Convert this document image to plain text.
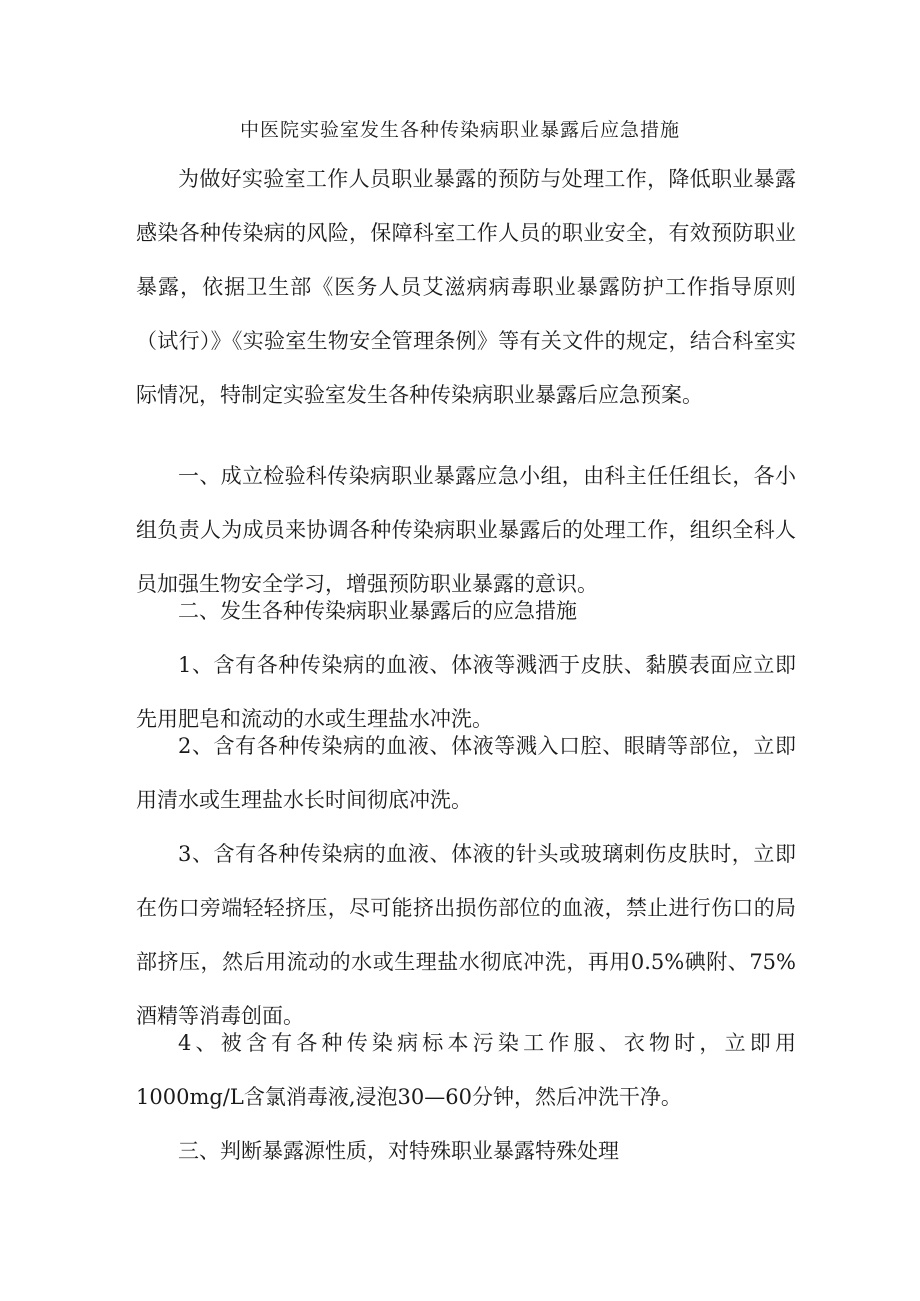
中医院实验室发生各种传染病职业暴露后应急措施

为做好实验室工作人员职业暴露的预防与处理工作，降低职业暴露感染各种传染病的风险，保障科室工作人员的职业安全，有效预防职业暴露，依据卫生部《医务人员艾滋病病毒职业暴露防护工作指导原则（试行）》《实验室生物安全管理条例》等有关文件的规定，结合科室实际情况，特制定实验室发生各种传染病职业暴露后应急预案。

一、成立检验科传染病职业暴露应急小组，由科主任任组长，各小组负责人为成员来协调各种传染病职业暴露后的处理工作，组织全科人员加强生物安全学习，增强预防职业暴露的意识。

二、发生各种传染病职业暴露后的应急措施

1、含有各种传染病的血液、体液等溅洒于皮肤、黏膜表面应立即先用肥皂和流动的水或生理盐水冲洗。

2、含有各种传染病的血液、体液等溅入口腔、眼睛等部位，立即用清水或生理盐水长时间彻底冲洗。

3、含有各种传染病的血液、体液的针头或玻璃刺伤皮肤时，立即在伤口旁端轻轻挤压，尽可能挤出损伤部位的血液，禁止进行伤口的局部挤压，然后用流动的水或生理盐水彻底冲洗，再用0.5%碘附、75%酒精等消毒创面。

4、被含有各种传染病标本污染工作服、衣物时，立即用1000mg/L含氯消毒液,浸泡30—60分钟，然后冲洗干净。

三、判断暴露源性质，对特殊职业暴露特殊处理
